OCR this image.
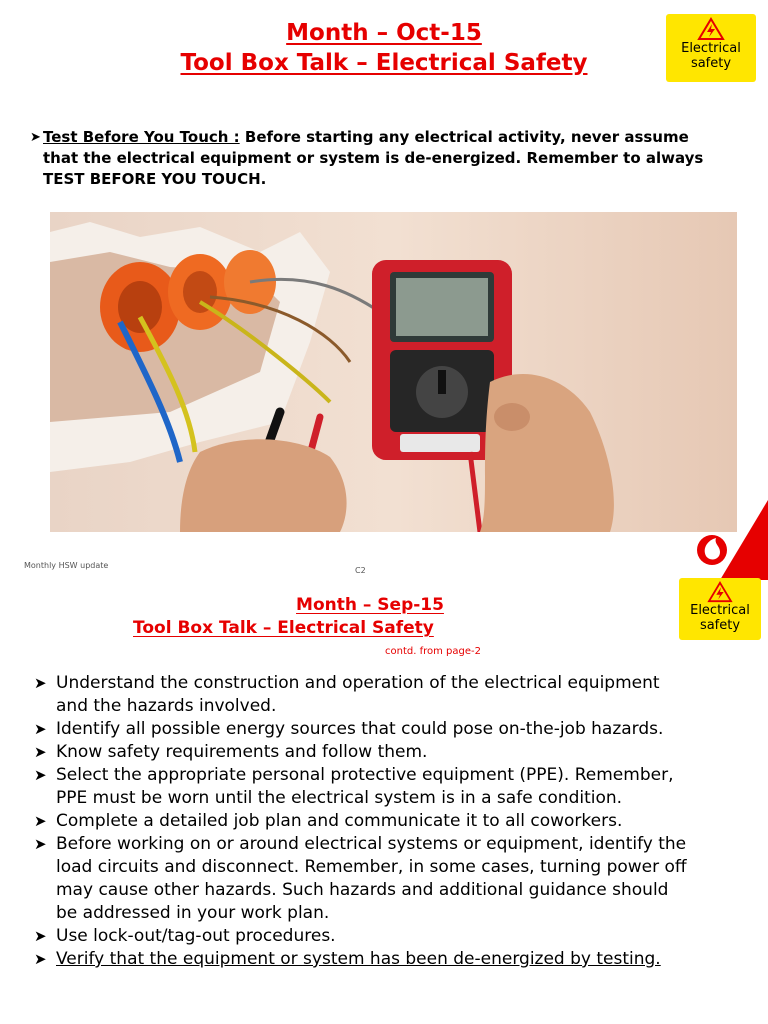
Month – Oct-15
Tool Box Talk – Electrical Safety
Electrical safety
➤ Test Before You Touch : Before starting any electrical activity, never assume that the electrical equipment or system is de-energized. Remember to always TEST BEFORE YOU TOUCH.
Monthly HSW update
C2
Month – Sep-15
Tool Box Talk – Electrical Safety
contd. from page-2
Electrical safety
➤ Understand the construction and operation of the electrical equipment and the hazards involved.
➤ Identify all possible energy sources that could pose on-the-job hazards.
➤ Know safety requirements and follow them.
➤ Select the appropriate personal protective equipment (PPE). Remember, PPE must be worn until the electrical system is in a safe condition.
➤ Complete a detailed job plan and communicate it to all coworkers.
➤ Before working on or around electrical systems or equipment, identify the load circuits and disconnect. Remember, in some cases, turning power off may cause other hazards. Such hazards and additional guidance should be addressed in your work plan.
➤ Use lock-out/tag-out procedures.
➤ Verify that the equipment or system has been de-energized by testing.
